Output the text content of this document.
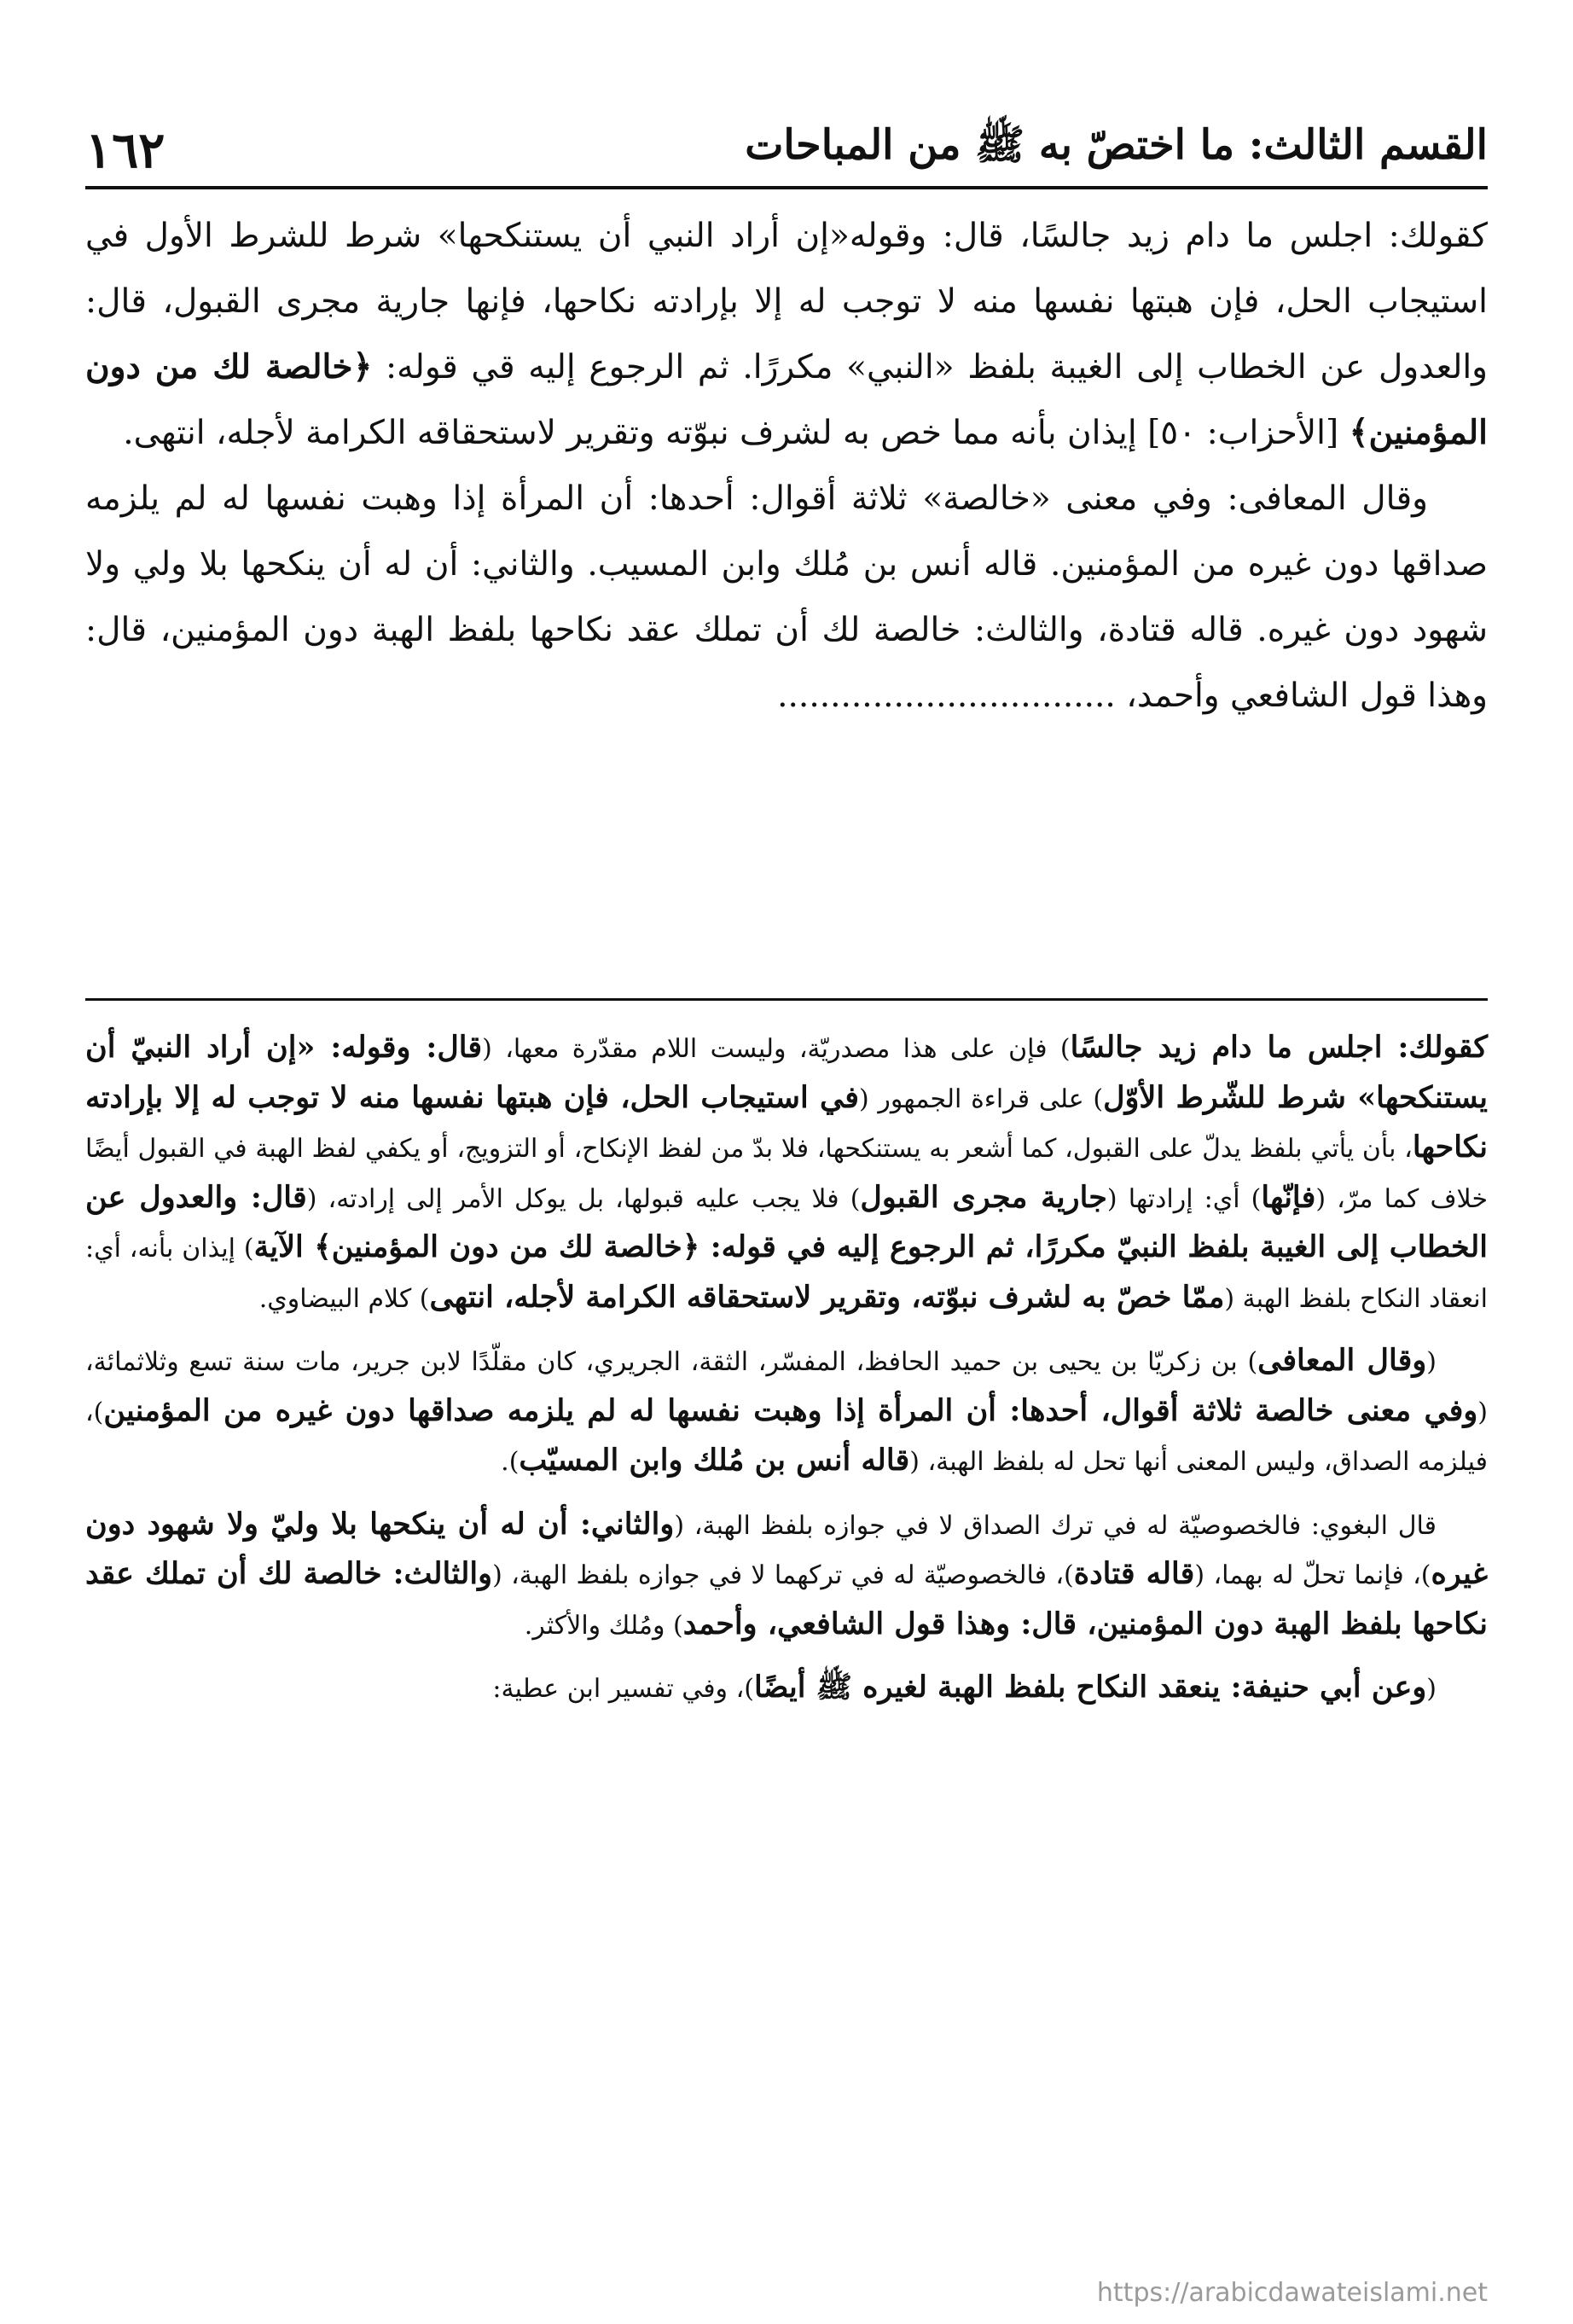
القسم الثالث: ما اختصّ به ﷺ من المباحات
١٦٢

كقولك: اجلس ما دام زيد جالسًا، قال: وقوله«إن أراد النبي أن يستنكحها» شرط للشرط الأول في استيجاب الحل، فإن هبتها نفسها منه لا توجب له إلا بإرادته نكاحها، فإنها جارية مجرى القبول، قال: والعدول عن الخطاب إلى الغيبة بلفظ «النبي» مكررًا. ثم الرجوع إليه قي قوله: ﴿خالصة لك من دون المؤمنين﴾ [الأحزاب: ٥٠] إيذان بأنه مما خص به لشرف نبوّته وتقرير لاستحقاقه الكرامة لأجله، انتهى.

وقال المعافى: وفي معنى «خالصة» ثلاثة أقوال: أحدها: أن المرأة إذا وهبت نفسها له لم يلزمه صداقها دون غيره من المؤمنين. قاله أنس بن مُلك وابن المسيب. والثاني: أن له أن ينكحها بلا ولي ولا شهود دون غيره. قاله قتادة، والثالث: خالصة لك أن تملك عقد نكاحها بلفظ الهبة دون المؤمنين، قال: وهذا قول الشافعي وأحمد، ................................

كقولك: اجلس ما دام زيد جالسًا) فإن على هذا مصدريّة، وليست اللام مقدّرة معها، (قال: وقوله: «إن أراد النبيّ أن يستنكحها» شرط للشّرط الأوّل) على قراءة الجمهور (في استيجاب الحل، فإن هبتها نفسها منه لا توجب له إلا بإرادته نكاحها، بأن يأتي بلفظ يدلّ على القبول، كما أشعر به يستنكحها، فلا بدّ من لفظ الإنكاح، أو التزويج، أو يكفي لفظ الهبة في القبول أيضًا خلاف كما مرّ، (فإنّها) أي: إرادتها (جارية مجرى القبول) فلا يجب عليه قبولها، بل يوكل الأمر إلى إرادته، (قال: والعدول عن الخطاب إلى الغيبة بلفظ النبيّ مكررًا، ثم الرجوع إليه في قوله: ﴿خالصة لك من دون المؤمنين﴾ الآية) إيذان بأنه، أي: انعقاد النكاح بلفظ الهبة (ممّا خصّ به لشرف نبوّته، وتقرير لاستحقاقه الكرامة لأجله، انتهى) كلام البيضاوي.

(وقال المعافى) بن زكريّا بن يحيى بن حميد الحافظ، المفسّر، الثقة، الجريري، كان مقلّدًا لابن جرير، مات سنة تسع وثلاثمائة، (وفي معنى خالصة ثلاثة أقوال، أحدها: أن المرأة إذا وهبت نفسها له لم يلزمه صداقها دون غيره من المؤمنين)، فيلزمه الصداق، وليس المعنى أنها تحل له بلفظ الهبة، (قاله أنس بن مُلك وابن المسيّب).

قال البغوي: فالخصوصيّة له في ترك الصداق لا في جوازه بلفظ الهبة، (والثاني: أن له أن ينكحها بلا وليّ ولا شهود دون غيره)، فإنما تحلّ له بهما، (قاله قتادة)، فالخصوصيّة له في تركهما لا في جوازه بلفظ الهبة، (والثالث: خالصة لك أن تملك عقد نكاحها بلفظ الهبة دون المؤمنين، قال: وهذا قول الشافعي، وأحمد) ومُلك والأكثر.

(وعن أبي حنيفة: ينعقد النكاح بلفظ الهبة لغيره ﷺ أيضًا)، وفي تفسير ابن عطية:

https://arabicdawateislami.net
